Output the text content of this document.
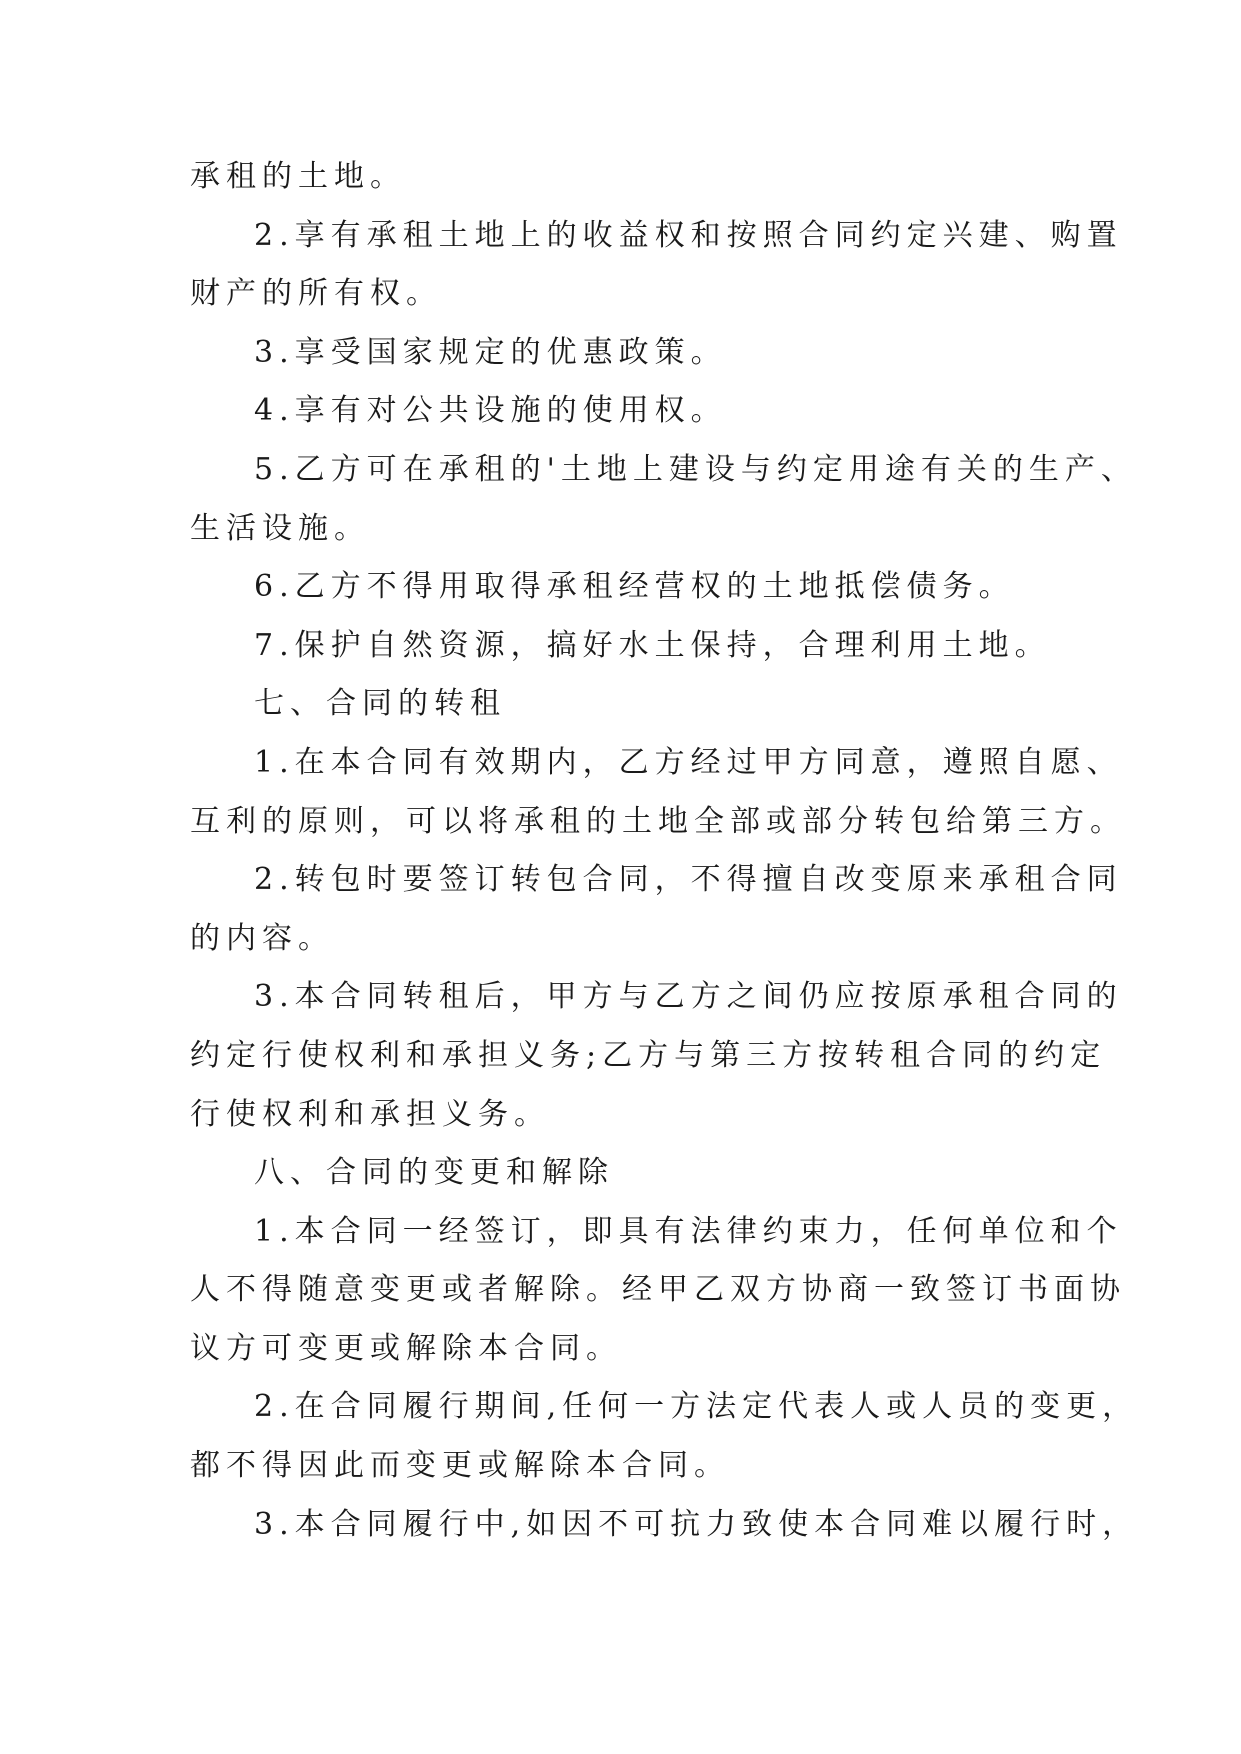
承租的土地。
2.享有承租土地上的收益权和按照合同约定兴建、购置
财产的所有权。
3.享受国家规定的优惠政策。
4.享有对公共设施的使用权。
5.乙方可在承租的'土地上建设与约定用途有关的生产、
生活设施。
6.乙方不得用取得承租经营权的土地抵偿债务。
7.保护自然资源，搞好水土保持，合理利用土地。
七、合同的转租
1.在本合同有效期内，乙方经过甲方同意，遵照自愿、
互利的原则，可以将承租的土地全部或部分转包给第三方。
2.转包时要签订转包合同，不得擅自改变原来承租合同
的内容。
3.本合同转租后，甲方与乙方之间仍应按原承租合同的
约定行使权利和承担义务;乙方与第三方按转租合同的约定
行使权利和承担义务。
八、合同的变更和解除
1.本合同一经签订，即具有法律约束力，任何单位和个
人不得随意变更或者解除。经甲乙双方协商一致签订书面协
议方可变更或解除本合同。
2.在合同履行期间,任何一方法定代表人或人员的变更，
都不得因此而变更或解除本合同。
3.本合同履行中,如因不可抗力致使本合同难以履行时，
